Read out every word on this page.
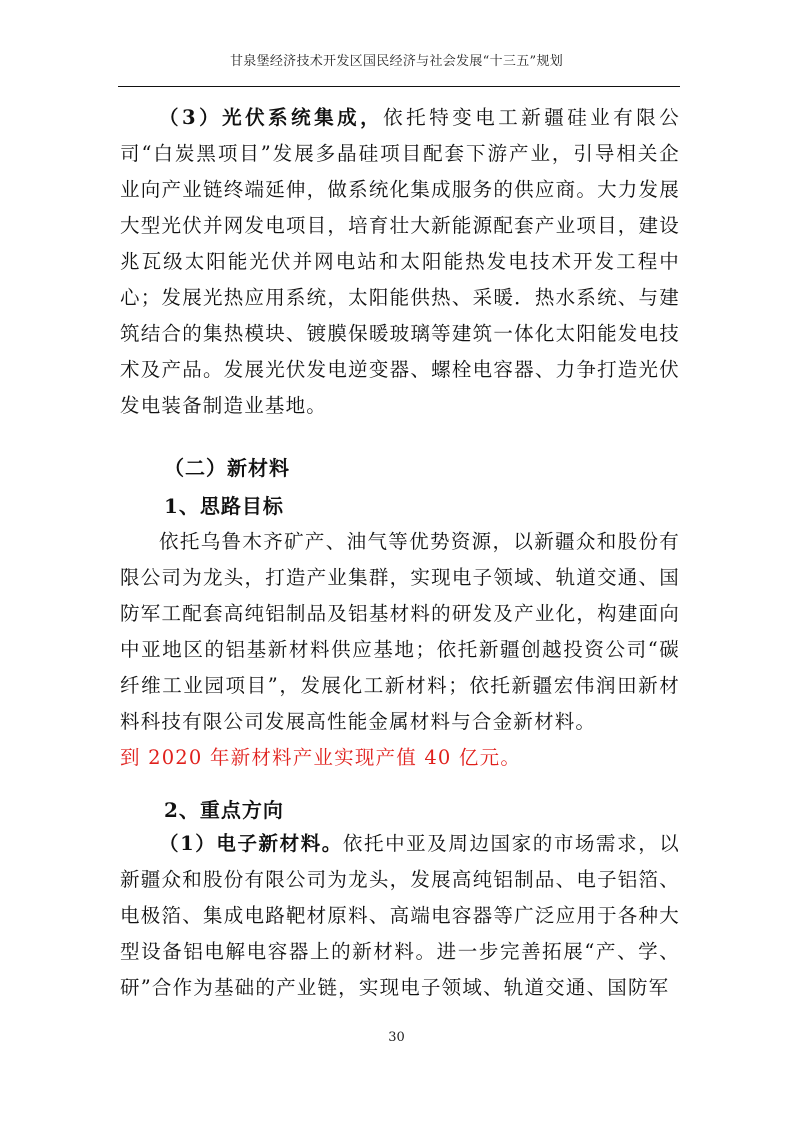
甘泉堡经济技术开发区国民经济与社会发展“十三五”规划

（3）光伏系统集成，依托特变电工新疆硅业有限公司“白炭黑项目”发展多晶硅项目配套下游产业，引导相关企业向产业链终端延伸，做系统化集成服务的供应商。大力发展大型光伏并网发电项目，培育壮大新能源配套产业项目，建设兆瓦级太阳能光伏并网电站和太阳能热发电技术开发工程中心；发展光热应用系统，太阳能供热、采暖．热水系统、与建筑结合的集热模块、镀膜保暖玻璃等建筑一体化太阳能发电技术及产品。发展光伏发电逆变器、螺栓电容器、力争打造光伏发电装备制造业基地。

（二）新材料
1、思路目标

依托乌鲁木齐矿产、油气等优势资源，以新疆众和股份有限公司为龙头，打造产业集群，实现电子领域、轨道交通、国防军工配套高纯铝制品及铝基材料的研发及产业化，构建面向中亚地区的铝基新材料供应基地；依托新疆创越投资公司“碳纤维工业园项目”，发展化工新材料；依托新疆宏伟润田新材料科技有限公司发展高性能金属材料与合金新材料。
到 2020 年新材料产业实现产值 40 亿元。

2、重点方向

（1）电子新材料。依托中亚及周边国家的市场需求，以新疆众和股份有限公司为龙头，发展高纯铝制品、电子铝箔、电极箔、集成电路靶材原料、高端电容器等广泛应用于各种大型设备铝电解电容器上的新材料。进一步完善拓展“产、学、研”合作为基础的产业链，实现电子领域、轨道交通、国防军

30
